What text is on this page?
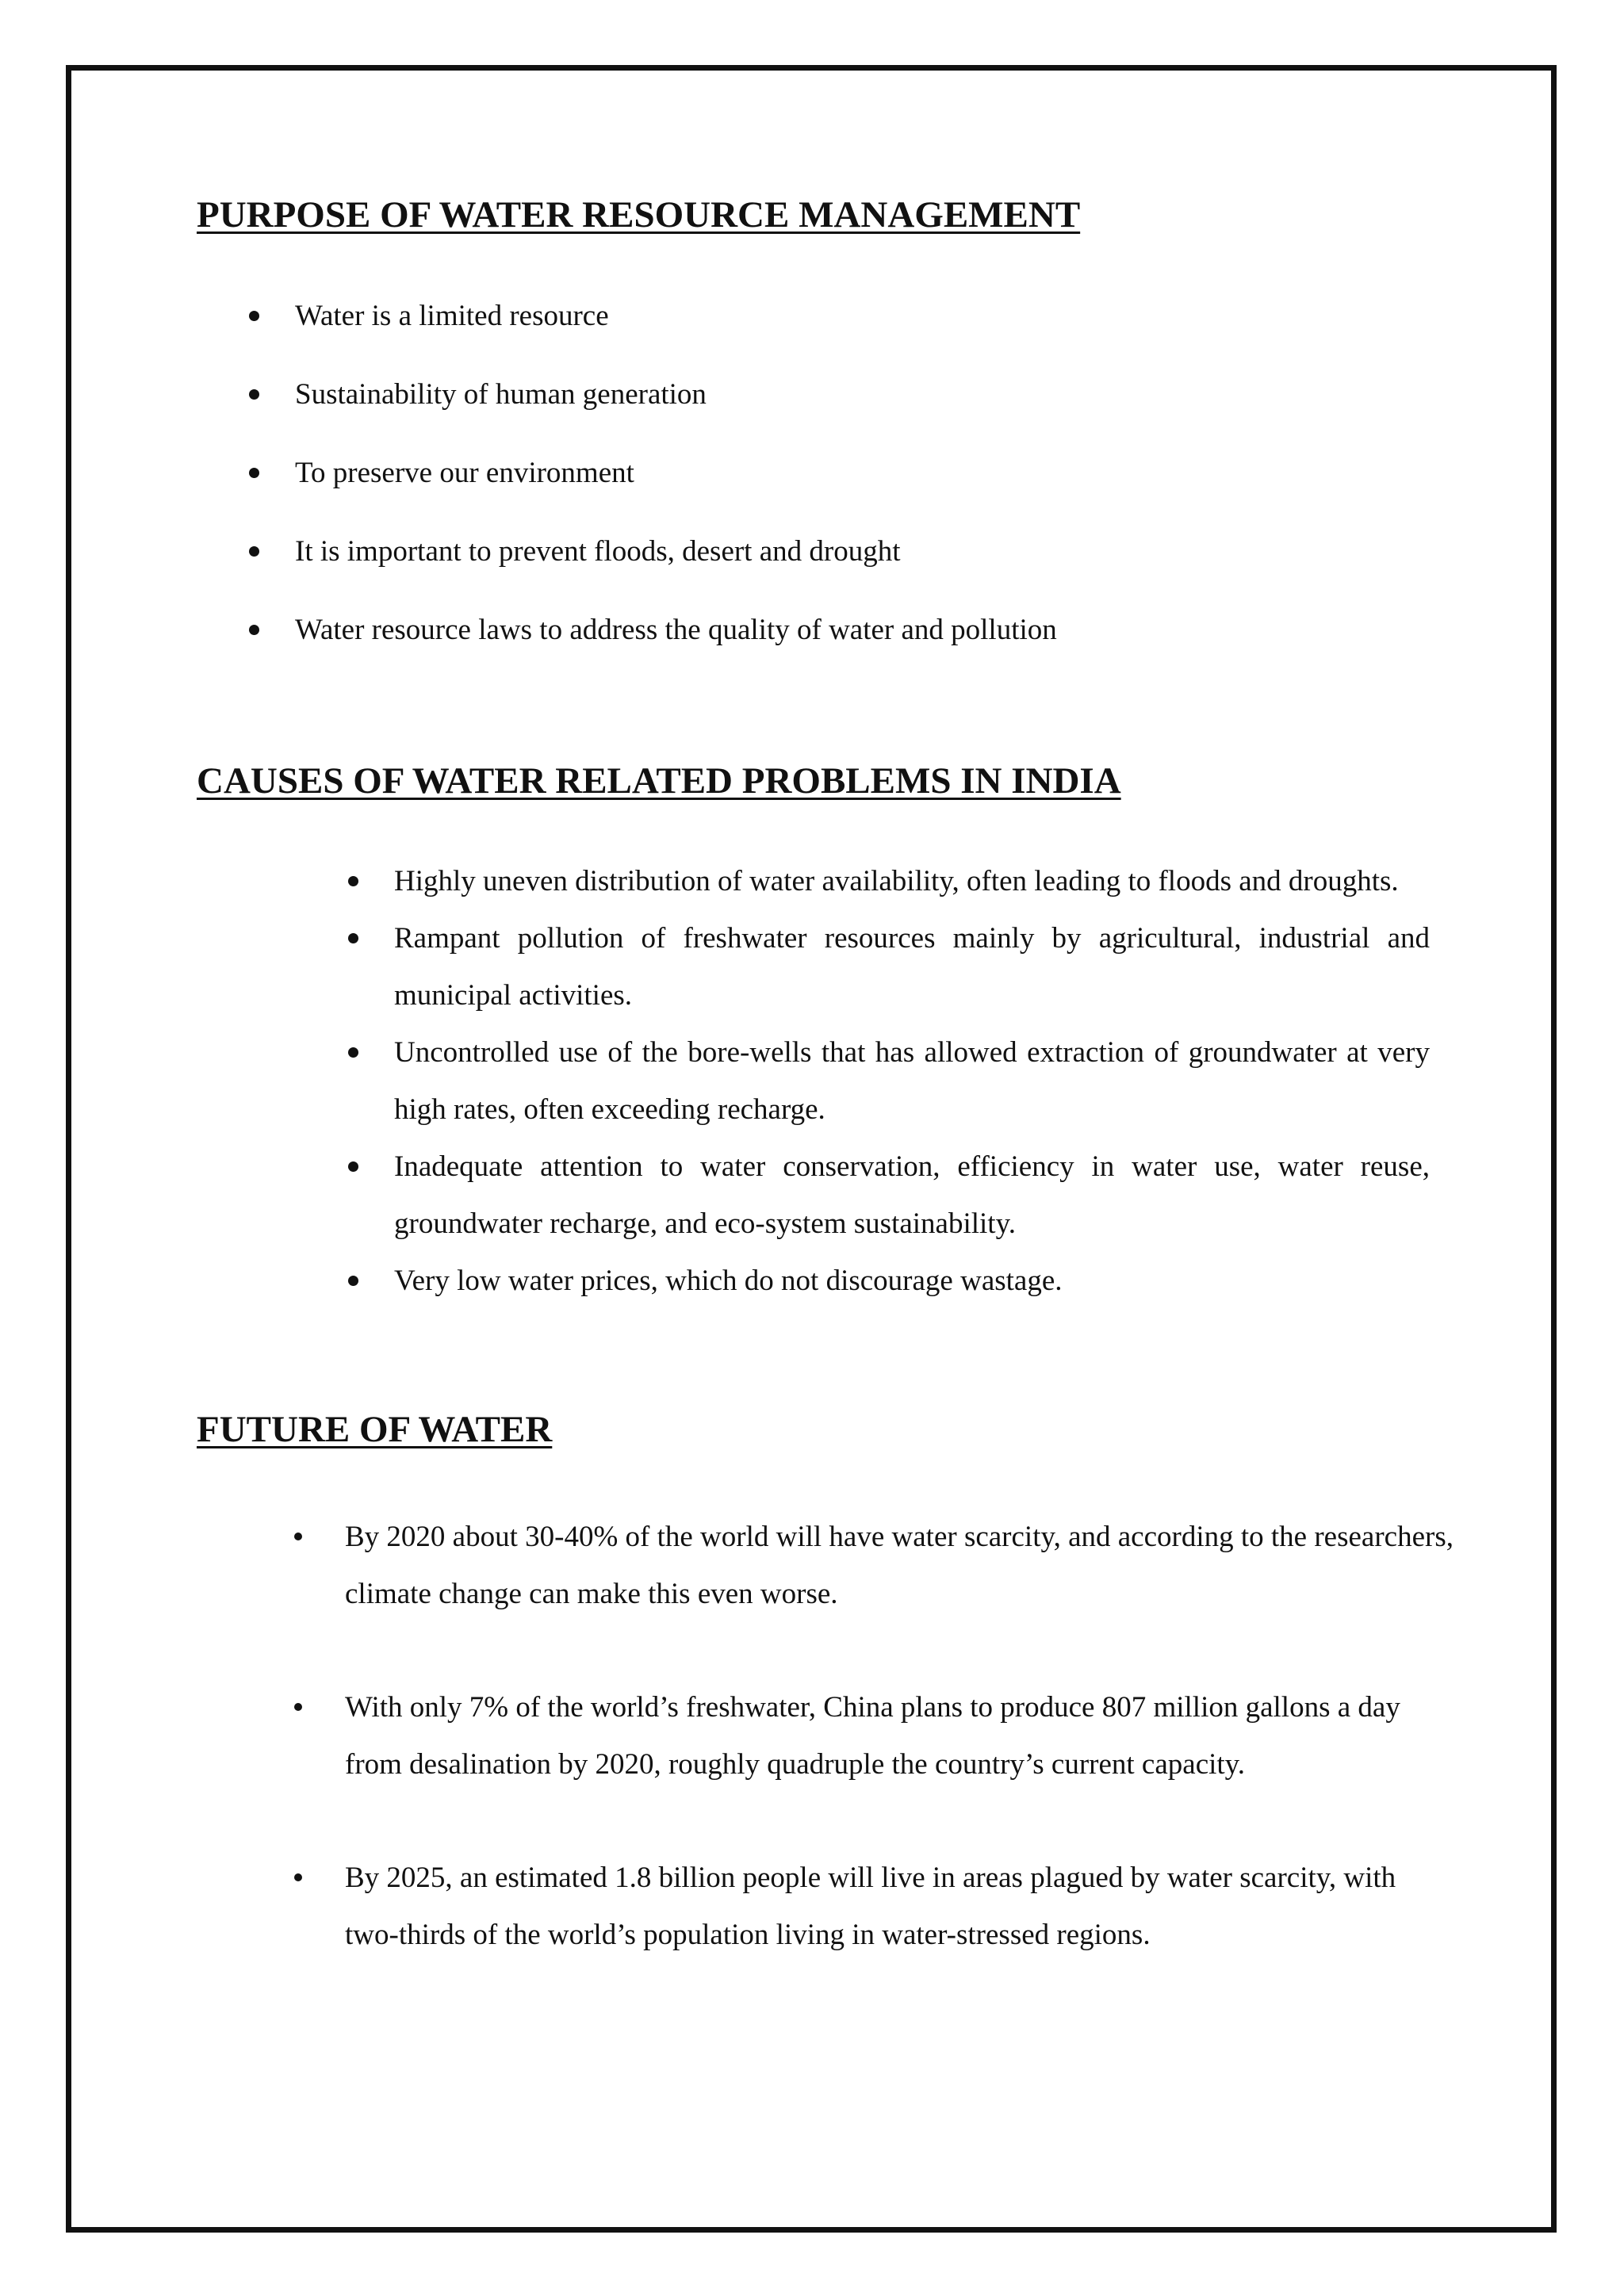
PURPOSE OF WATER RESOURCE MANAGEMENT
Water is a limited resource
Sustainability of human generation
To preserve our environment
It is important to prevent floods, desert and drought
Water resource laws to address the quality of water and pollution
CAUSES OF WATER RELATED PROBLEMS IN INDIA
Highly uneven distribution of water availability, often leading to floods and droughts.
Rampant pollution of freshwater resources mainly by agricultural, industrial and municipal activities.
Uncontrolled use of the bore-wells that has allowed extraction of groundwater at very high rates, often exceeding recharge.
Inadequate attention to water conservation, efficiency in water use, water reuse, groundwater recharge, and eco-system sustainability.
Very low water prices, which do not discourage wastage.
FUTURE OF WATER
By 2020 about 30-40% of the world will have water scarcity, and according to the researchers, climate change can make this even worse.
With only 7% of the world’s freshwater, China plans to produce 807 million gallons a day from desalination by 2020, roughly quadruple the country’s current capacity.
By 2025, an estimated 1.8 billion people will live in areas plagued by water scarcity, with two-thirds of the world’s population living in water-stressed regions.
